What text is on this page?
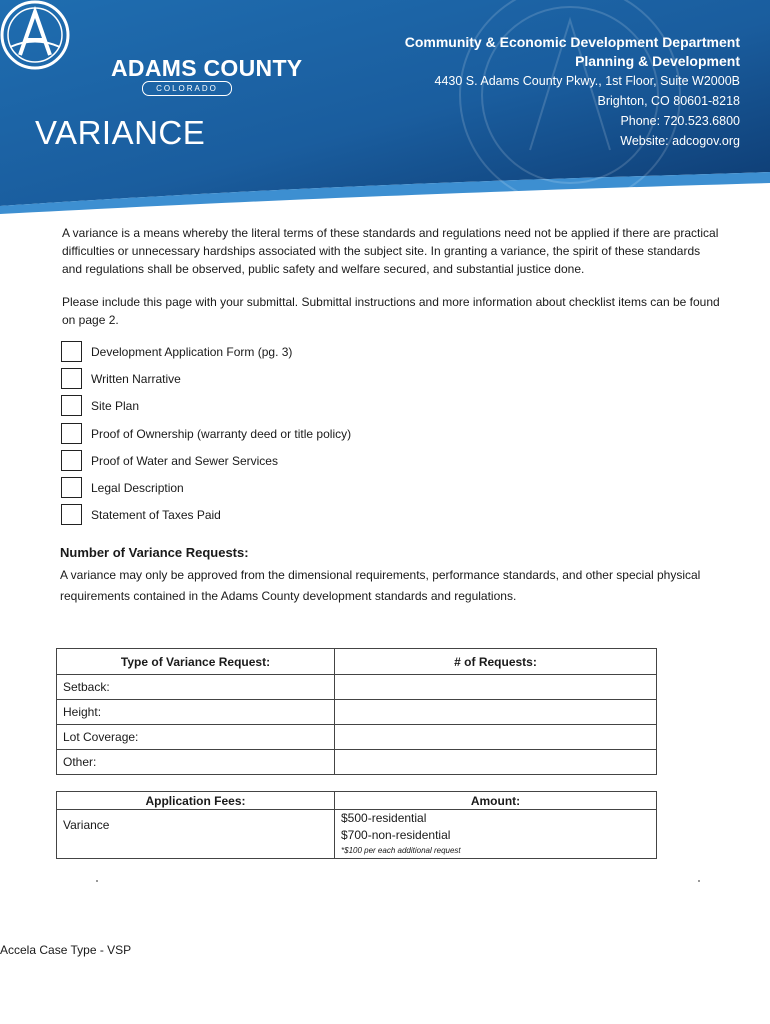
ADAMS COUNTY
COLORADO
VARIANCE
Community & Economic Development Department
Planning & Development
4430 S. Adams County Pkwy., 1st Floor, Suite W2000B
Brighton, CO 80601-8218
Phone: 720.523.6800
Website: adcogov.org

A variance is a means whereby the literal terms of these standards and regulations need not be applied if there are practical difficulties or unnecessary hardships associated with the subject site. In granting a variance, the spirit of these standards and regulations shall be observed, public safety and welfare secured, and substantial justice done.

Please include this page with your submittal. Submittal instructions and more information about checklist items can be found on page 2.

Development Application Form (pg. 3)
Written Narrative
Site Plan
Proof of Ownership (warranty deed or title policy)
Proof of Water and Sewer Services
Legal Description
Statement of Taxes Paid
Number of Variance Requests:

A variance may only be approved from the dimensional requirements, performance standards, and other special physical requirements contained in the Adams County development standards and regulations.

Type of Variance Request:	# of Requests:
Setback:	
Height:	
Lot Coverage:	
Other:	
Application Fees:	Amount:
Variance	$500-residential
$700-non-residential
*$100 per each additional request
Accela Case Type - VSP
